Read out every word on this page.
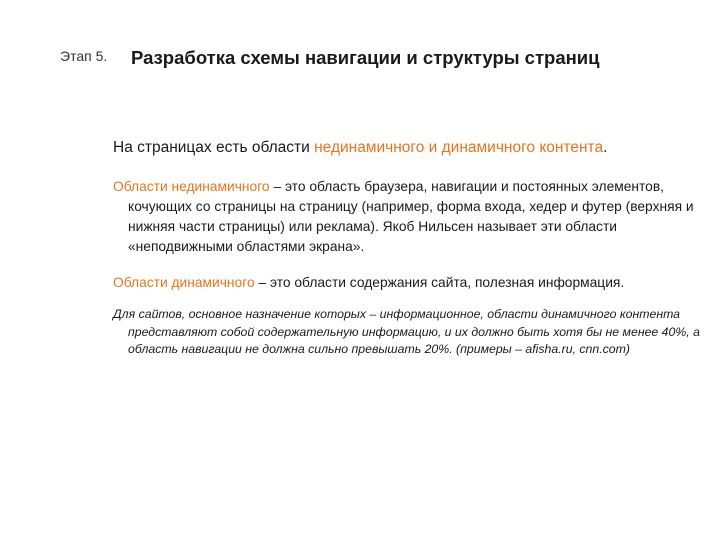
Этап 5. Разработка схемы навигации и структуры страниц

На страницах есть области нединамичного и динамичного контента.

Области нединамичного – это область браузера, навигации и постоянных элементов, кочующих со страницы на страницу (например, форма входа, хедер и футер (верхняя и нижняя части страницы) или реклама). Якоб Нильсен называет эти области «неподвижными областями экрана».

Области динамичного – это области содержания сайта, полезная информация.

Для сайтов, основное назначение которых – информационное, области динамичного контента представляют собой содержательную информацию, и их должно быть хотя бы не менее 40%, а область навигации не должна сильно превышать 20%. (примеры – afisha.ru, cnn.com)
